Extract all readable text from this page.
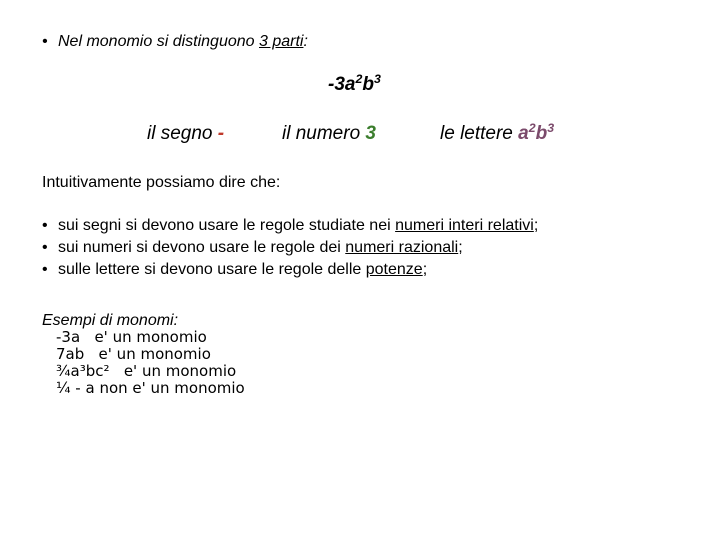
• Nel monomio si distinguono 3 parti:
$-3a^2b^3$
il segno -	il numero 3	le lettere $a^2b^3$
Intuitivamente possiamo dire che:
• sui segni si devono usare le regole studiate nei numeri interi relativi;
• sui numeri si devono usare le regole dei numeri razionali;
• sulle lettere si devono usare le regole delle potenze;
Esempi di monomi:
-3a   e' un monomio
7ab   e' un monomio
¾a³bc²   e' un monomio
¼ - a non e' un monomio
